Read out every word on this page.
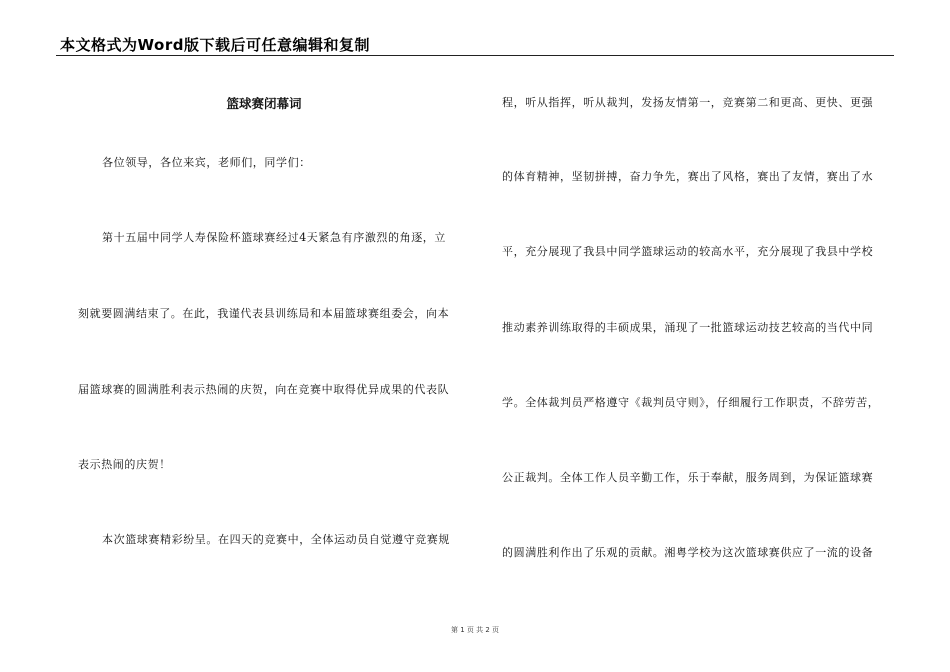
本文格式为Word版下载后可任意编辑和复制
篮球赛闭幕词
各位领导，各位来宾，老师们，同学们：
第十五届中同学人寿保险杯篮球赛经过4天紧急有序激烈的角逐，立
刻就要圆满结束了。在此，我谨代表县训练局和本届篮球赛组委会，向本
届篮球赛的圆满胜利表示热闹的庆贺，向在竞赛中取得优异成果的代表队
表示热闹的庆贺！
本次篮球赛精彩纷呈。在四天的竞赛中，全体运动员自觉遵守竞赛规
程，听从指挥，听从裁判，发扬友情第一，竞赛第二和更高、更快、更强
的体育精神，坚韧拼搏，奋力争先，赛出了风格，赛出了友情，赛出了水
平，充分展现了我县中同学篮球运动的较高水平，充分展现了我县中学校
推动素养训练取得的丰硕成果，涌现了一批篮球运动技艺较高的当代中同
学。全体裁判员严格遵守《裁判员守则》，仔细履行工作职责，不辞劳苦，
公正裁判。全体工作人员辛勤工作，乐于奉献，服务周到，为保证篮球赛
的圆满胜利作出了乐观的贡献。湘粤学校为这次篮球赛供应了一流的设备
第 1 页 共 2 页
